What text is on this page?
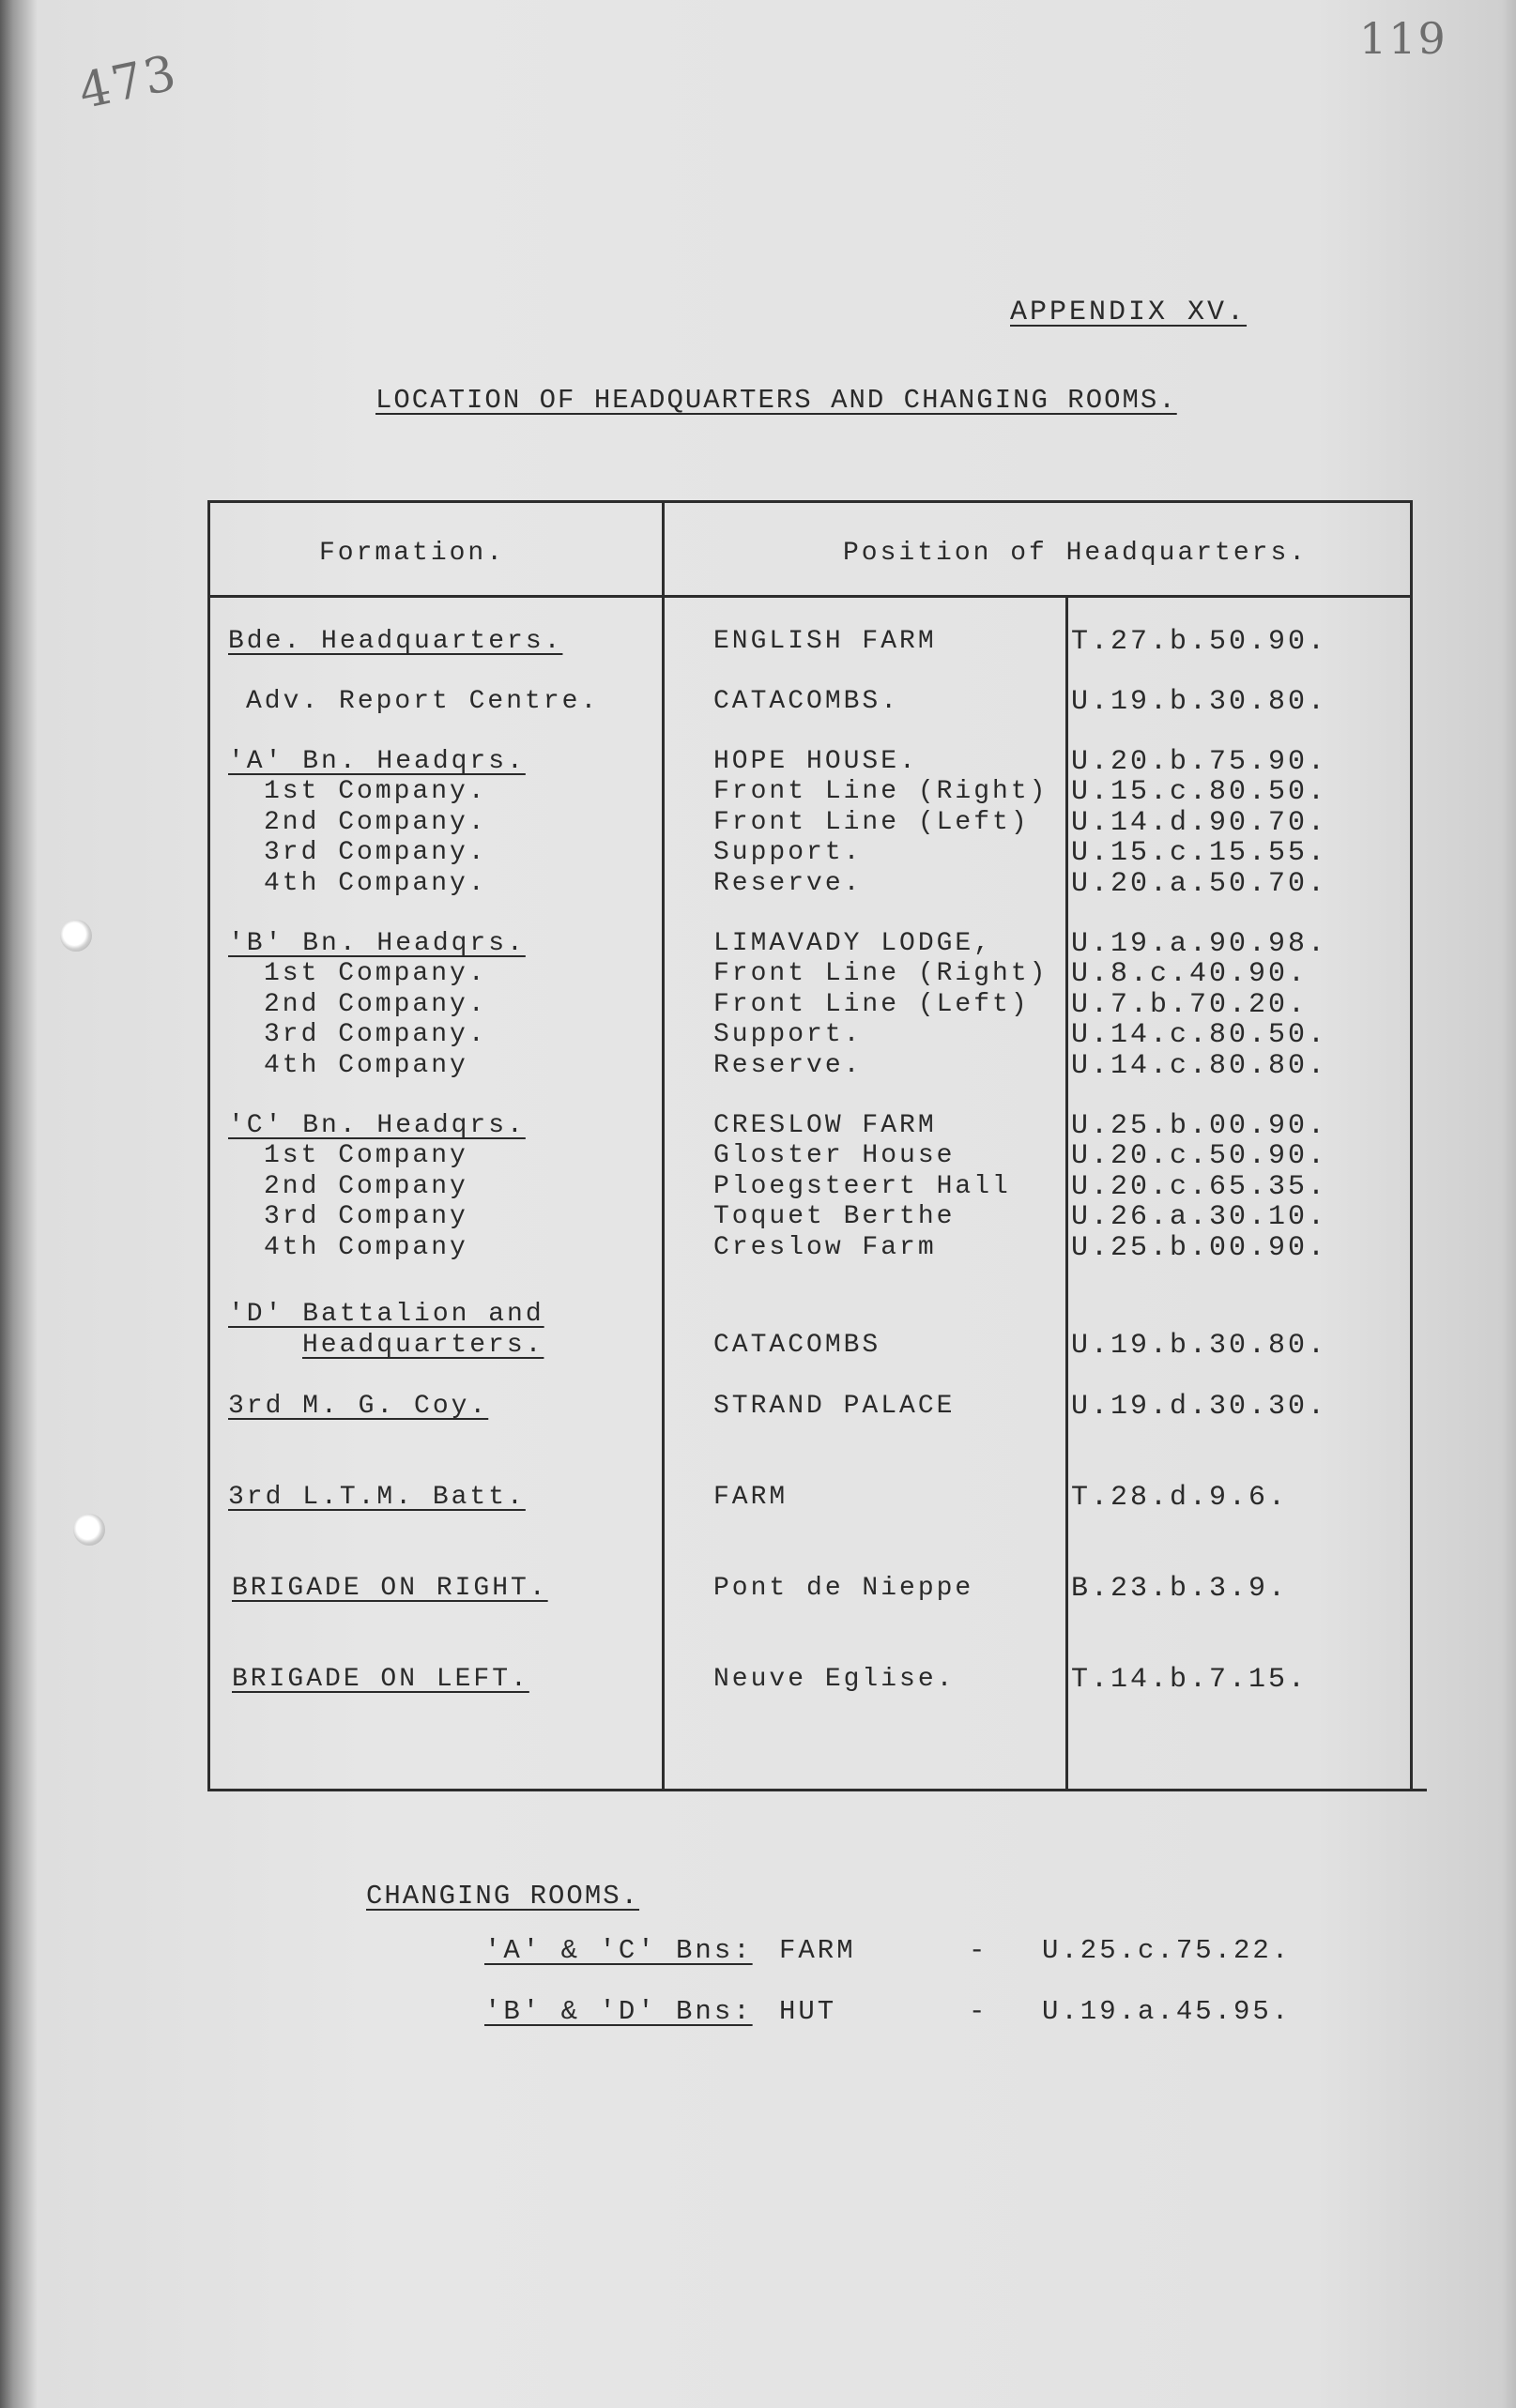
473
119
APPENDIX XV.
LOCATION OF HEADQUARTERS AND CHANGING ROOMS.
Formation.	Position of Headquarters.
Bde. Headquarters.	ENGLISH FARM	T.27.b.50.90.
Adv. Report Centre.	CATACOMBS.	U.19.b.30.80.
'A' Bn. Headqrs.	HOPE HOUSE.	U.20.b.75.90.
1st Company.	Front Line (Right) U.15.c.80.50.
2nd Company.	Front Line (Left) U.14.d.90.70.
3rd Company.	Support.	U.15.c.15.55.
4th Company.	Reserve.	U.20.a.50.70.
'B' Bn. Headqrs.	LIMAVADY LODGE,	U.19.a.90.98.
1st Company.	Front Line (Right) U.8.c.40.90.
2nd Company.	Front Line (Left) U.7.b.70.20.
3rd Company.	Support.	U.14.c.80.50.
4th Company	Reserve.	U.14.c.80.80.
'C' Bn. Headqrs.	CRESLOW FARM	U.25.b.00.90.
1st Company	Gloster House	U.20.c.50.90.
2nd Company	Ploegsteert Hall U.20.c.65.35.
3rd Company	Toquet Berthe	U.26.a.30.10.
4th Company	Creslow Farm	U.25.b.00.90.
'D' Battalion and
Headquarters.	CATACOMBS	U.19.b.30.80.
3rd M. G. Coy.	STRAND PALACE	U.19.d.30.30.
3rd L.T.M. Batt.	FARM	T.28.d.9.6.
BRIGADE ON RIGHT.	Pont de Nieppe	B.23.b.3.9.
BRIGADE ON LEFT.	Neuve Eglise.	T.14.b.7.15.
CHANGING ROOMS.
'A' & 'C' Bns: FARM	- U.25.c.75.22.
'B' & 'D' Bns: HUT	- U.19.a.45.95.
